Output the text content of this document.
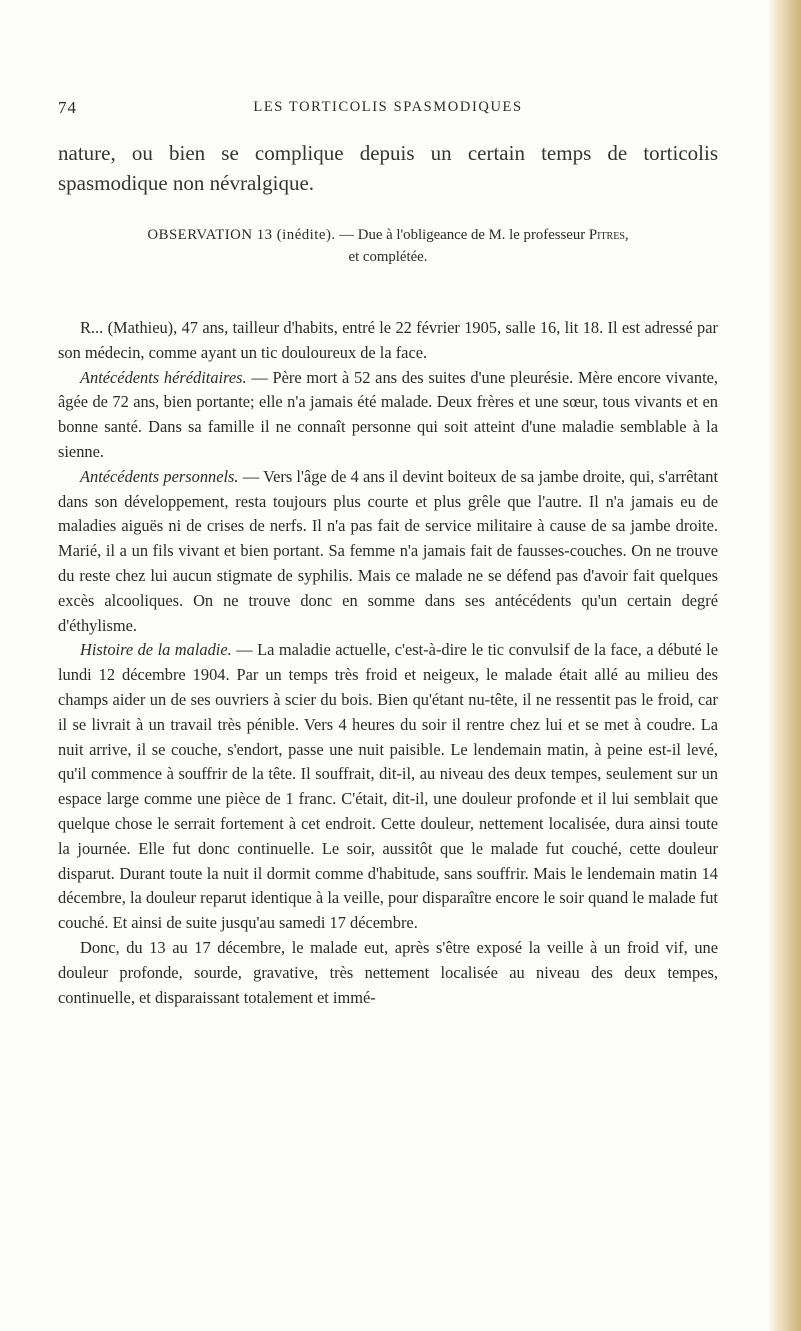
74	LES TORTICOLIS SPASMODIQUES

nature, ou bien se complique depuis un certain temps de torticolis spasmodique non névralgique.

OBSERVATION 13 (inédite). — Due à l'obligeance de M. le professeur Pitres,
et complétée.

R... (Mathieu), 47 ans, tailleur d'habits, entré le 22 février 1905, salle 16, lit 18. Il est adressé par son médecin, comme ayant un tic douloureux de la face.

Antécédents héréditaires. — Père mort à 52 ans des suites d'une pleurésie. Mère encore vivante, âgée de 72 ans, bien portante; elle n'a jamais été malade. Deux frères et une sœur, tous vivants et en bonne santé. Dans sa famille il ne connaît personne qui soit atteint d'une maladie semblable à la sienne.

Antécédents personnels. — Vers l'âge de 4 ans il devint boiteux de sa jambe droite, qui, s'arrêtant dans son développement, resta toujours plus courte et plus grêle que l'autre. Il n'a jamais eu de maladies aiguës ni de crises de nerfs. Il n'a pas fait de service militaire à cause de sa jambe droite. Marié, il a un fils vivant et bien portant. Sa femme n'a jamais fait de fausses-couches. On ne trouve du reste chez lui aucun stigmate de syphilis. Mais ce malade ne se défend pas d'avoir fait quelques excès alcooliques. On ne trouve donc en somme dans ses antécédents qu'un certain degré d'éthylisme.

Histoire de la maladie. — La maladie actuelle, c'est-à-dire le tic convulsif de la face, a débuté le lundi 12 décembre 1904. Par un temps très froid et neigeux, le malade était allé au milieu des champs aider un de ses ouvriers à scier du bois. Bien qu'étant nu-tête, il ne ressentit pas le froid, car il se livrait à un travail très pénible. Vers 4 heures du soir il rentre chez lui et se met à coudre. La nuit arrive, il se couche, s'endort, passe une nuit paisible. Le lendemain matin, à peine est-il levé, qu'il commence à souffrir de la tête. Il souffrait, dit-il, au niveau des deux tempes, seulement sur un espace large comme une pièce de 1 franc. C'était, dit-il, une douleur profonde et il lui semblait que quelque chose le serrait fortement à cet endroit. Cette douleur, nettement localisée, dura ainsi toute la journée. Elle fut donc continuelle. Le soir, aussitôt que le malade fut couché, cette douleur disparut. Durant toute la nuit il dormit comme d'habitude, sans souffrir. Mais le lendemain matin 14 décembre, la douleur reparut identique à la veille, pour disparaître encore le soir quand le malade fut couché. Et ainsi de suite jusqu'au samedi 17 décembre.

Donc, du 13 au 17 décembre, le malade eut, après s'être exposé la veille à un froid vif, une douleur profonde, sourde, gravative, très nettement localisée au niveau des deux tempes, continuelle, et disparaissant totalement et immé-
